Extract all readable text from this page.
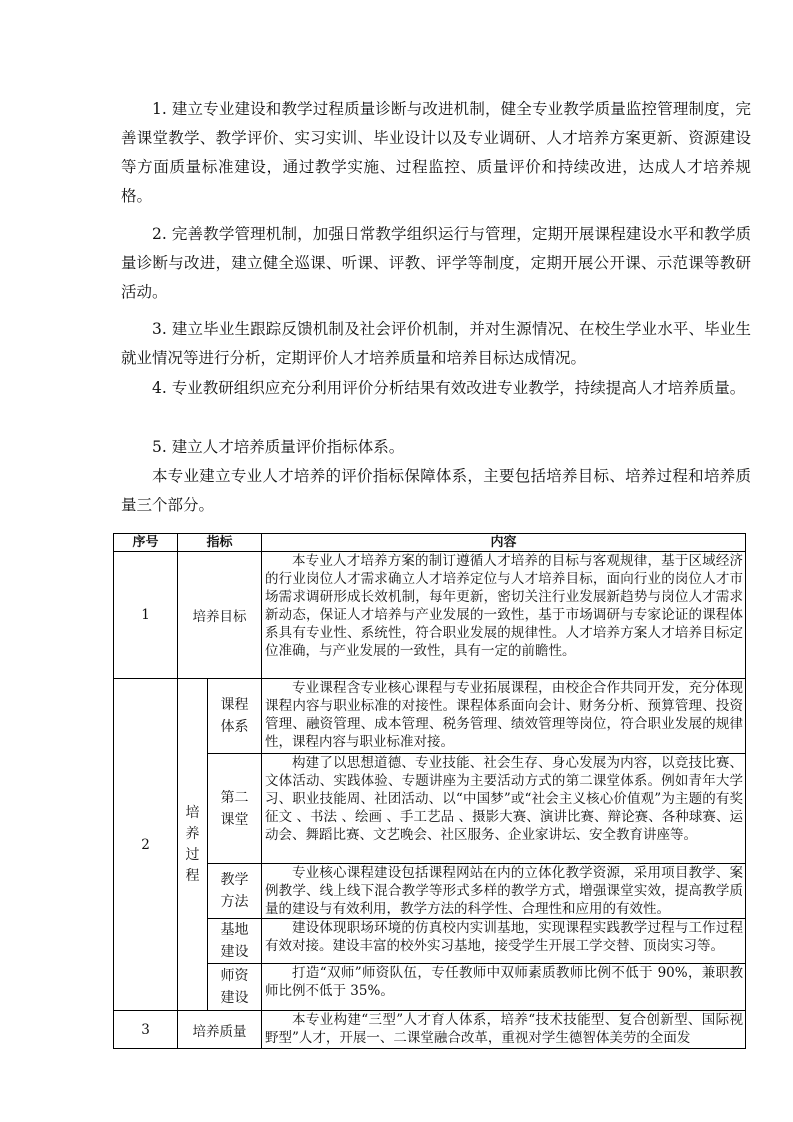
1. 建立专业建设和教学过程质量诊断与改进机制，健全专业教学质量监控管理制度，完善课堂教学、教学评价、实习实训、毕业设计以及专业调研、人才培养方案更新、资源建设等方面质量标准建设，通过教学实施、过程监控、质量评价和持续改进，达成人才培养规格。

2. 完善教学管理机制，加强日常教学组织运行与管理，定期开展课程建设水平和教学质量诊断与改进，建立健全巡课、听课、评教、评学等制度，定期开展公开课、示范课等教研活动。

3. 建立毕业生跟踪反馈机制及社会评价机制，并对生源情况、在校生学业水平、毕业生就业情况等进行分析，定期评价人才培养质量和培养目标达成情况。

4. 专业教研组织应充分利用评价分析结果有效改进专业教学，持续提高人才培养质量。

5. 建立人才培养质量评价指标体系。

本专业建立专业人才培养的评价指标保障体系，主要包括培养目标、培养过程和培养质量三个部分。

序号	指标		内容
1	培养目标		本专业人才培养方案的制订遵循人才培养的目标与客观规律，基于区域经济的行业岗位人才需求确立人才培养定位与人才培养目标，面向行业的岗位人才市场需求调研形成长效机制，每年更新，密切关注行业发展新趋势与岗位人才需求新动态，保证人才培养与产业发展的一致性，基于市场调研与专家论证的课程体系具有专业性、系统性，符合职业发展的规律性。人才培养方案人才培养目标定位准确，与产业发展的一致性，具有一定的前瞻性。
2	培养过程	课程体系	专业课程含专业核心课程与专业拓展课程，由校企合作共同开发，充分体现课程内容与职业标准的对接性。课程体系面向会计、财务分析、预算管理、投资管理、融资管理、成本管理、税务管理、绩效管理等岗位，符合职业发展的规律性，课程内容与职业标准对接。
		第二课堂	构建了以思想道德、专业技能、社会生存、身心发展为内容，以竞技比赛、文体活动、实践体验、专题讲座为主要活动方式的第二课堂体系。例如青年大学习、职业技能周、社团活动、以“中国梦”或“社会主义核心价值观”为主题的有奖征文 、书法 、绘画 、手工艺品 、摄影大赛、演讲比赛、辩论赛、各种球赛、运动会、舞蹈比赛、文艺晚会、社区服务、企业家讲坛、安全教育讲座等。
		教学方法	专业核心课程建设包括课程网站在内的立体化教学资源，采用项目教学、案例教学、线上线下混合教学等形式多样的教学方式，增强课堂实效，提高教学质量的建设与有效利用，教学方法的科学性、合理性和应用的有效性。
		基地建设	建设体现职场环境的仿真校内实训基地，实现课程实践教学过程与工作过程有效对接。建设丰富的校外实习基地，接受学生开展工学交替、顶岗实习等。
		师资建设	打造“双师”师资队伍，专任教师中双师素质教师比例不低于 90%，兼职教师比例不低于 35%。
3	培养质量		本专业构建“三型”人才育人体系，培养“技术技能型、复合创新型、国际视野型”人才，开展一、二课堂融合改革，重视对学生德智体美劳的全面发
